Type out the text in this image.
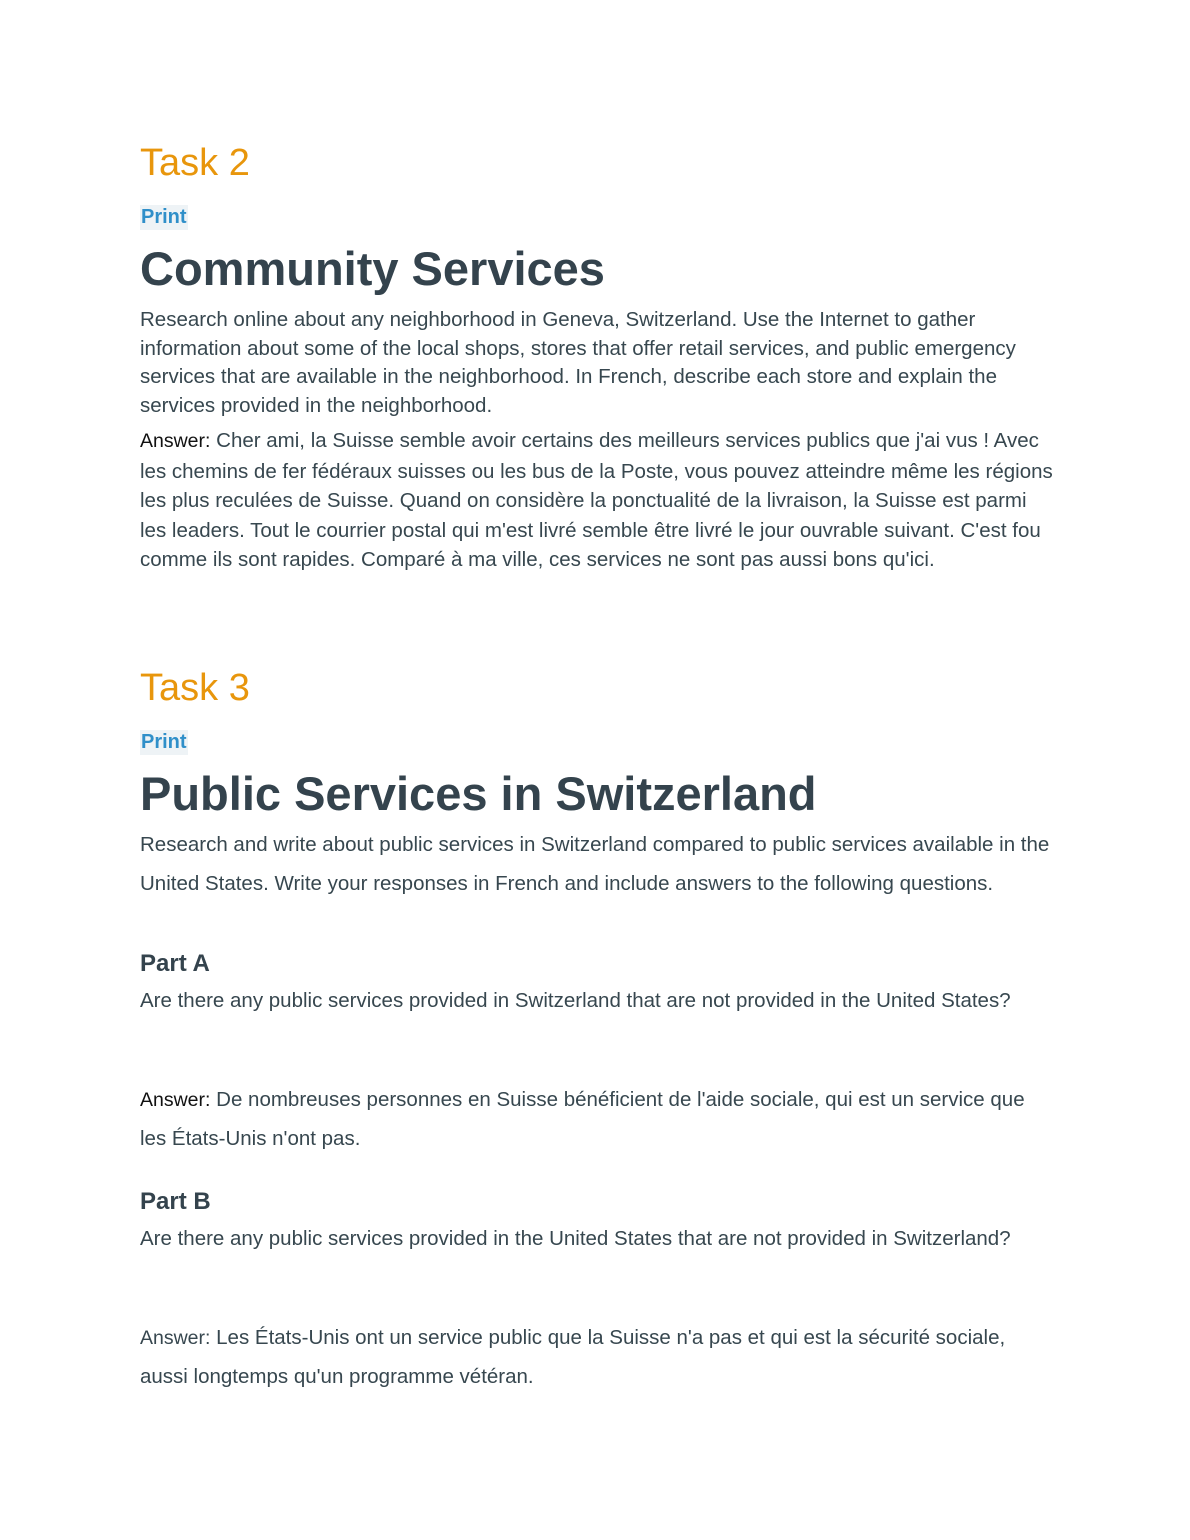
Task 2
Print
Community Services

Research online about any neighborhood in Geneva, Switzerland. Use the Internet to gather information about some of the local shops, stores that offer retail services, and public emergency services that are available in the neighborhood. In French, describe each store and explain the services provided in the neighborhood.

Answer: Cher ami, la Suisse semble avoir certains des meilleurs services publics que j'ai vus ! Avec les chemins de fer fédéraux suisses ou les bus de la Poste, vous pouvez atteindre même les régions les plus reculées de Suisse. Quand on considère la ponctualité de la livraison, la Suisse est parmi les leaders. Tout le courrier postal qui m'est livré semble être livré le jour ouvrable suivant. C'est fou comme ils sont rapides. Comparé à ma ville, ces services ne sont pas aussi bons qu'ici.

Task 3
Print
Public Services in Switzerland

Research and write about public services in Switzerland compared to public services available in the United States. Write your responses in French and include answers to the following questions.

Part A

Are there any public services provided in Switzerland that are not provided in the United States?

Answer: De nombreuses personnes en Suisse bénéficient de l'aide sociale, qui est un service que les États-Unis n'ont pas.

Part B

Are there any public services provided in the United States that are not provided in Switzerland?

Answer: Les États-Unis ont un service public que la Suisse n'a pas et qui est la sécurité sociale, aussi longtemps qu'un programme vétéran.
